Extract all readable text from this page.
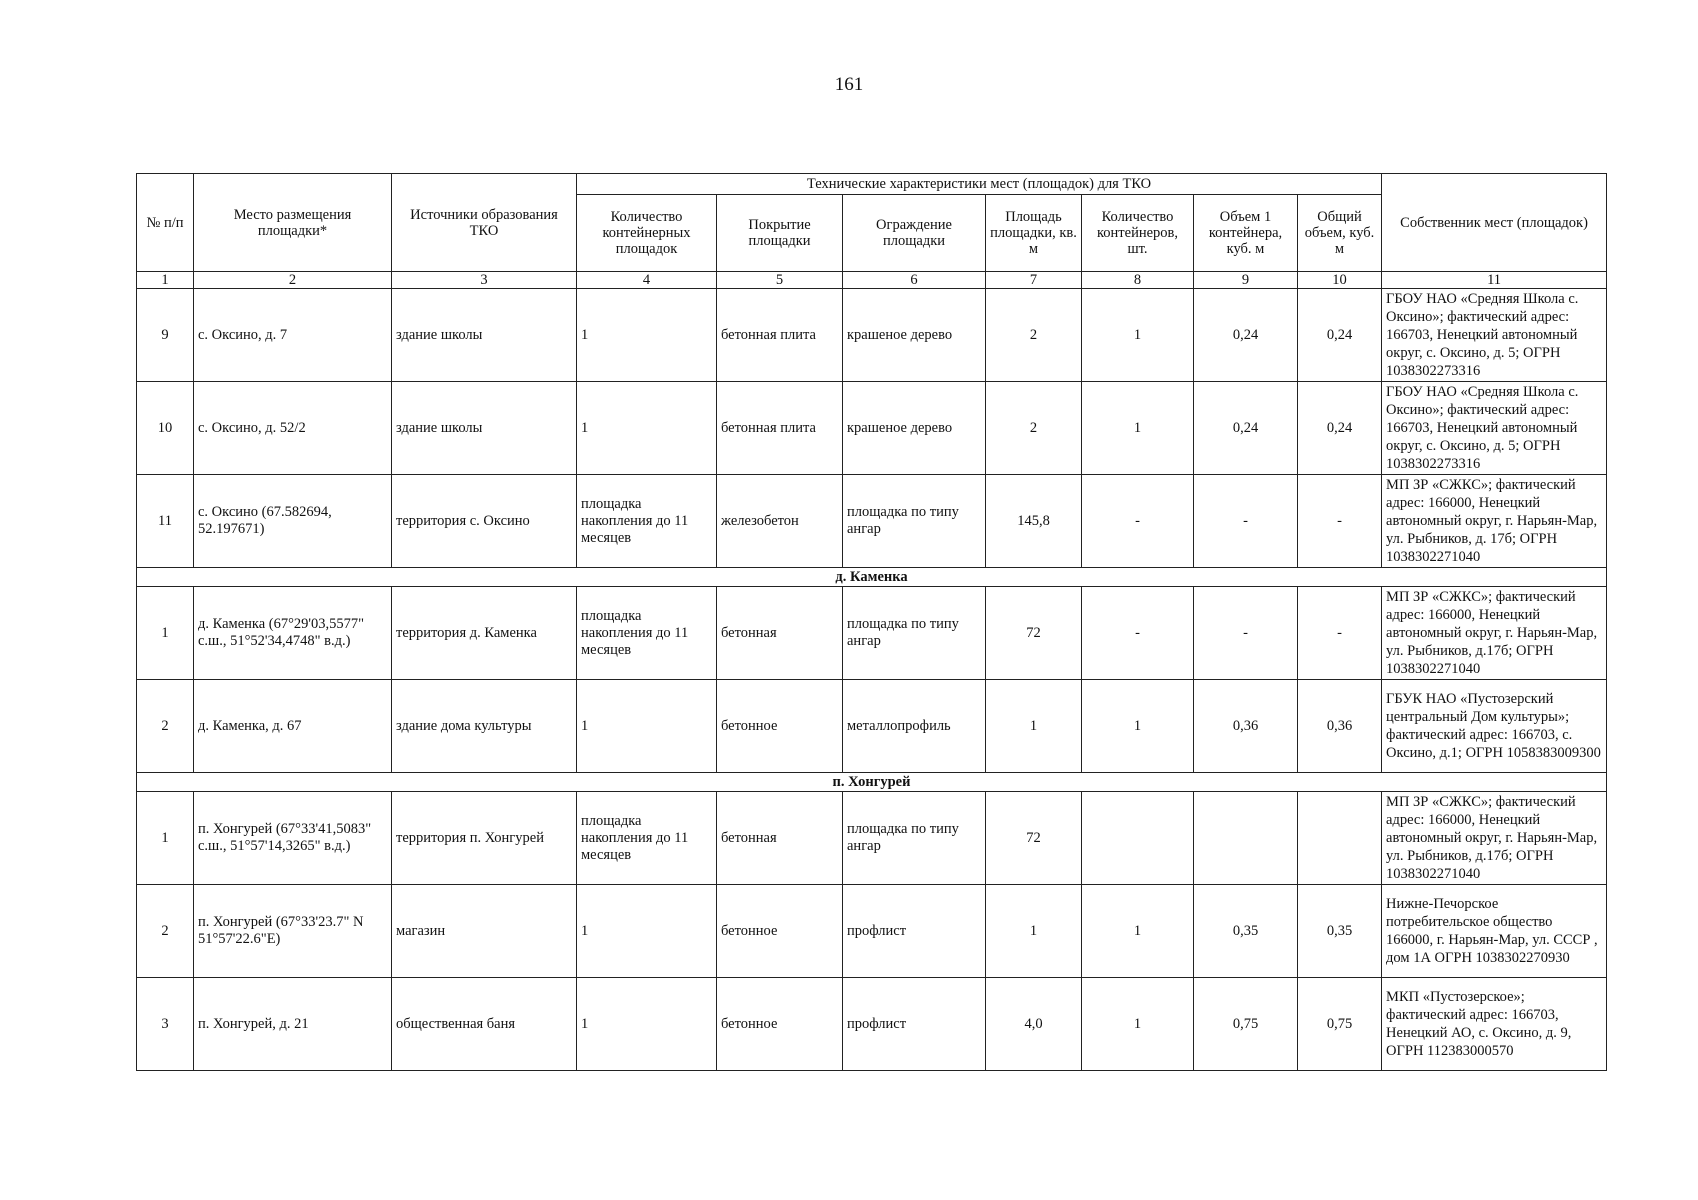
161
№ п/п	Место размещения площадки*	Источники образования ТКО	Технические характеристики мест (площадок) для ТКО							Собственник мест (площадок)
			Количество контейнерных площадок	Покрытие площадки	Ограждение площадки	Площадь площадки, кв. м	Количество контейнеров, шт.	Объем 1 контейнера, куб. м	Общий объем, куб. м	
1	2	3	4	5	6	7	8	9	10	11
9	с. Оксино, д. 7	здание школы	1	бетонная плита	крашеное дерево	2	1	0,24	0,24	ГБОУ НАО «Средняя Школа с. Оксино»; фактический адрес: 166703, Ненецкий автономный округ, с. Оксино, д. 5; ОГРН 1038302273316
10	с. Оксино, д. 52/2	здание школы	1	бетонная плита	крашеное дерево	2	1	0,24	0,24	ГБОУ НАО «Средняя Школа с. Оксино»; фактический адрес: 166703, Ненецкий автономный округ, с. Оксино, д. 5; ОГРН 1038302273316
11	с. Оксино (67.582694, 52.197671)	территория с. Оксино	площадка накопления до 11 месяцев	железобетон	площадка по типу ангар	145,8	-	-	-	МП ЗР «СЖКС»; фактический адрес: 166000, Ненецкий автономный округ, г. Нарьян-Мар, ул. Рыбников, д. 17б; ОГРН 1038302271040
д. Каменка										
1	д. Каменка (67°29'03,5577" с.ш., 51°52'34,4748" в.д.)	территория д. Каменка	площадка накопления до 11 месяцев	бетонная	площадка по типу ангар	72	-	-	-	МП ЗР «СЖКС»; фактический адрес: 166000, Ненецкий автономный округ, г. Нарьян-Мар, ул. Рыбников, д.17б; ОГРН 1038302271040
2	д. Каменка, д. 67	здание дома культуры	1	бетонное	металлопрофиль	1	1	0,36	0,36	ГБУК НАО «Пустозерский центральный Дом культуры»; фактический адрес: 166703, с. Оксино, д.1; ОГРН 1058383009300
п. Хонгурей										
1	п. Хонгурей (67°33'41,5083" с.ш., 51°57'14,3265" в.д.)	территория п. Хонгурей	площадка накопления до 11 месяцев	бетонная	площадка по типу ангар	72				МП ЗР «СЖКС»; фактический адрес: 166000, Ненецкий автономный округ, г. Нарьян-Мар, ул. Рыбников, д.17б; ОГРН 1038302271040
2	п. Хонгурей (67°33'23.7" N 51°57'22.6"E)	магазин	1	бетонное	профлист	1	1	0,35	0,35	Нижне-Печорское потребительское общество 166000, г. Нарьян-Мар, ул. СССР , дом 1А ОГРН 1038302270930
3	п. Хонгурей, д. 21	общественная баня	1	бетонное	профлист	4,0	1	0,75	0,75	МКП «Пустозерское»; фактический адрес: 166703, Ненецкий АО, с. Оксино, д. 9, ОГРН 112383000570
